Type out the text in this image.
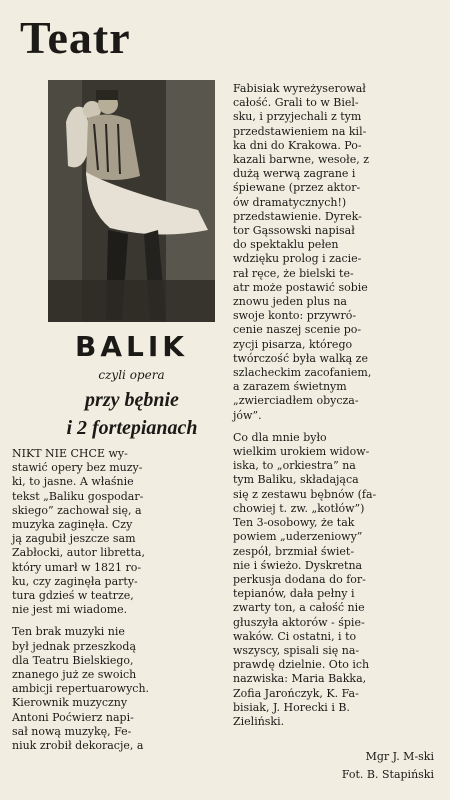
Teatr
BALIK
czyli opera
przy bębnie
i 2 fortepianach

NIKT NIE CHCE wy-
stawić opery bez muzy-
ki, to jasne. A właśnie
tekst „Baliku gospodar-
skiego” zachował się, a
muzyka zaginęła. Czy
ją zagubił jeszcze sam
Zabłocki, autor libretta,
który umarł w 1821 ro-
ku, czy zaginęła party-
tura gdzieś w teatrze,
nie jest mi wiadome.

Ten brak muzyki nie
był jednak przeszkodą
dla Teatru Bielskiego,
znanego już ze swoich
ambicji repertuarowych.
Kierownik muzyczny
Antoni Poćwierz napi-
sał nową muzykę, Fe-
niuk zrobił dekoracje, a

Fabisiak wyreżyserował
całość. Grali to w Biel-
sku, i przyjechali z tym
przedstawieniem na kil-
ka dni do Krakowa. Po-
kazali barwne, wesołe, z
dużą werwą zagrane i
śpiewane (przez aktor-
ów dramatycznych!)
przedstawienie. Dyrek-
tor Gąssowski napisał
do spektaklu pełen
wdzięku prolog i zacie-
rał ręce, że bielski te-
atr może postawić sobie
znowu jeden plus na
swoje konto: przywró-
cenie naszej scenie po-
zycji pisarza, którego
twórczość była walką ze
szlacheckim zacofaniem,
a zarazem świetnym
„zwierciadłem obycza-
jów”.

Co dla mnie było
wielkim urokiem widow-
iska, to „orkiestra” na
tym Baliku, składająca
się z zestawu bębnów (fa-
chowiej t. zw. „kotłów”)
Ten 3-osobowy, że tak
powiem „uderzeniowy”
zespół, brzmiał świet-
nie i świeżo. Dyskretna
perkusja dodana do for-
tepianów, dała pełny i
zwarty ton, a całość nie
głuszyła aktorów - śpie-
waków. Ci ostatni, i to
wszyscy, spisali się na-
prawdę dzielnie. Oto ich
nazwiska: Maria Bakka,
Zofia Jarończyk, K. Fa-
bisiak, J. Horecki i B.
Zieliński.

Mgr J. M-ski
Fot. B. Stapiński
